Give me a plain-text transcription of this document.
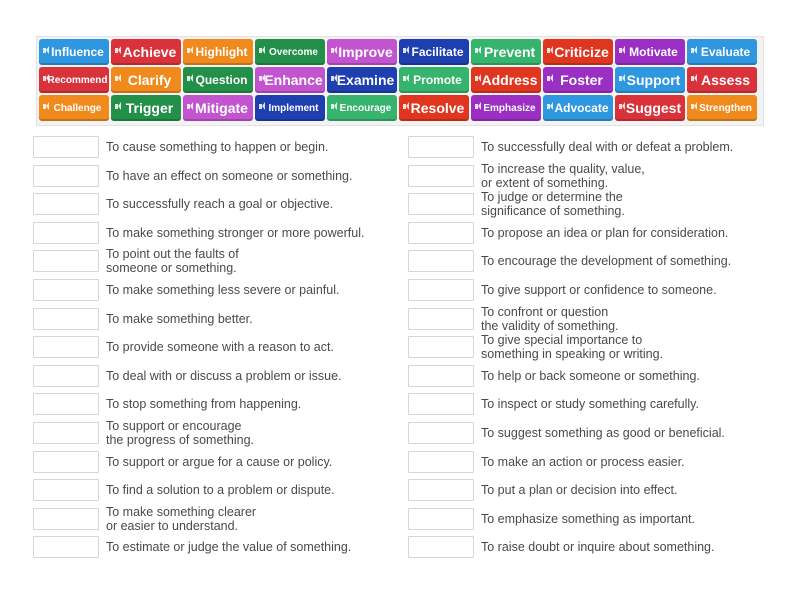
Influence Achieve Highlight Overcome Improve Facilitate Prevent Criticize Motivate Evaluate
Recommend Clarify Question Enhance Examine Promote Address Foster Support Assess
Challenge Trigger Mitigate Implement Encourage Resolve Emphasize Advocate Suggest Strengthen
To cause something to happen or begin.
To have an effect on someone or something.
To successfully reach a goal or objective.
To make something stronger or more powerful.
To point out the faults of
someone or something.
To make something less severe or painful.
To make something better.
To provide someone with a reason to act.
To deal with or discuss a problem or issue.
To stop something from happening.
To support or encourage
the progress of something.
To support or argue for a cause or policy.
To find a solution to a problem or dispute.
To make something clearer
or easier to understand.
To estimate or judge the value of something.
To successfully deal with or defeat a problem.
To increase the quality, value,
or extent of something.
To judge or determine the
significance of something.
To propose an idea or plan for consideration.
To encourage the development of something.
To give support or confidence to someone.
To confront or question
the validity of something.
To give special importance to
something in speaking or writing.
To help or back someone or something.
To inspect or study something carefully.
To suggest something as good or beneficial.
To make an action or process easier.
To put a plan or decision into effect.
To emphasize something as important.
To raise doubt or inquire about something.
